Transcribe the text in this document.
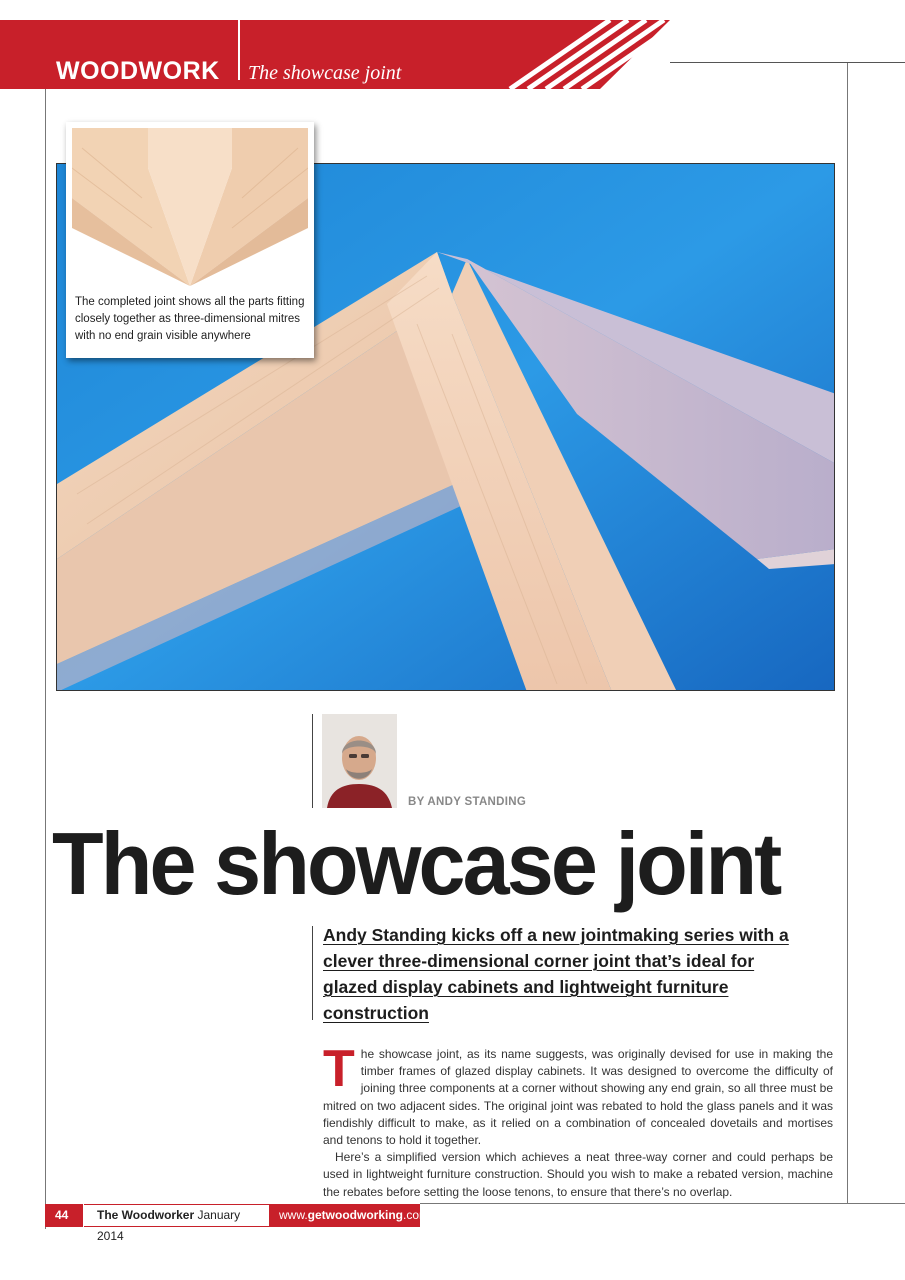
WOODWORK The showcase joint
The completed joint shows all the parts fitting closely together as three-dimensional mitres with no end grain visible anywhere
BY ANDY STANDING
The showcase joint
Andy Standing kicks off a new jointmaking series with a clever three-dimensional corner joint that’s ideal for glazed display cabinets and lightweight furniture construction

The showcase joint, as its name suggests, was originally devised for use in making the timber frames of glazed display cabinets. It was designed to overcome the difficulty of joining three components at a corner without showing any end grain, so all three must be mitred on two adjacent sides. The original joint was rebated to hold the glass panels and it was fiendishly difficult to make, as it relied on a combination of concealed dovetails and mortises and tenons to hold it together.

Here’s a simplified version which achieves a neat three-way corner and could perhaps be used in lightweight furniture construction. Should you wish to make a rebated version, machine the rebates before setting the loose tenons, to ensure that there’s no overlap.

44	The Woodworker January 2014
www.getwoodworking.com
